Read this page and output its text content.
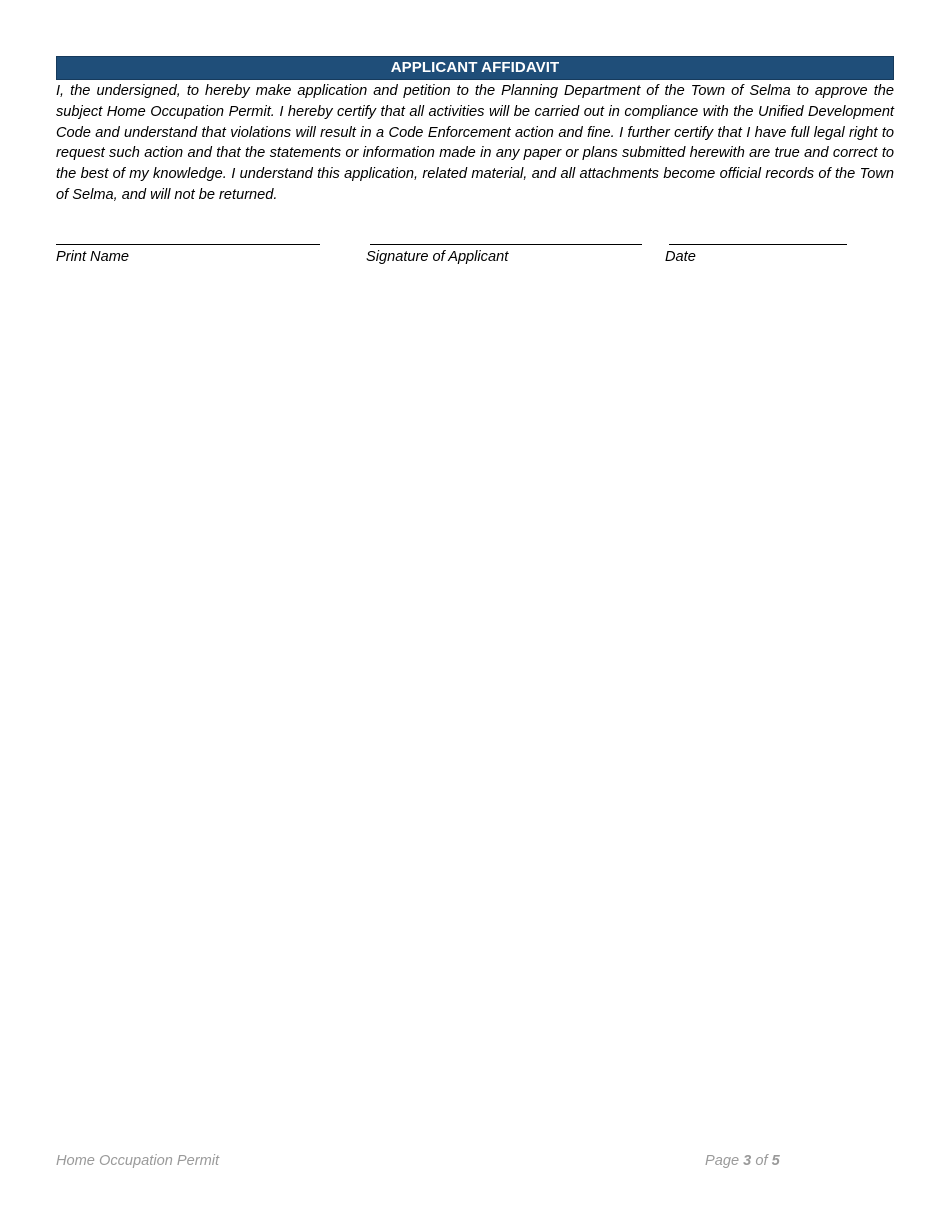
APPLICANT AFFIDAVIT

I, the undersigned, to hereby make application and petition to the Planning Department of the Town of Selma to approve the subject Home Occupation Permit. I hereby certify that all activities will be carried out in compliance with the Unified Development Code and understand that violations will result in a Code Enforcement action and fine. I further certify that I have full legal right to request such action and that the statements or information made in any paper or plans submitted herewith are true and correct to the best of my knowledge. I understand this application, related material, and all attachments become official records of the Town of Selma, and will not be returned.

Print Name	Signature of Applicant	Date
Home Occupation Permit	Page 3 of 5
